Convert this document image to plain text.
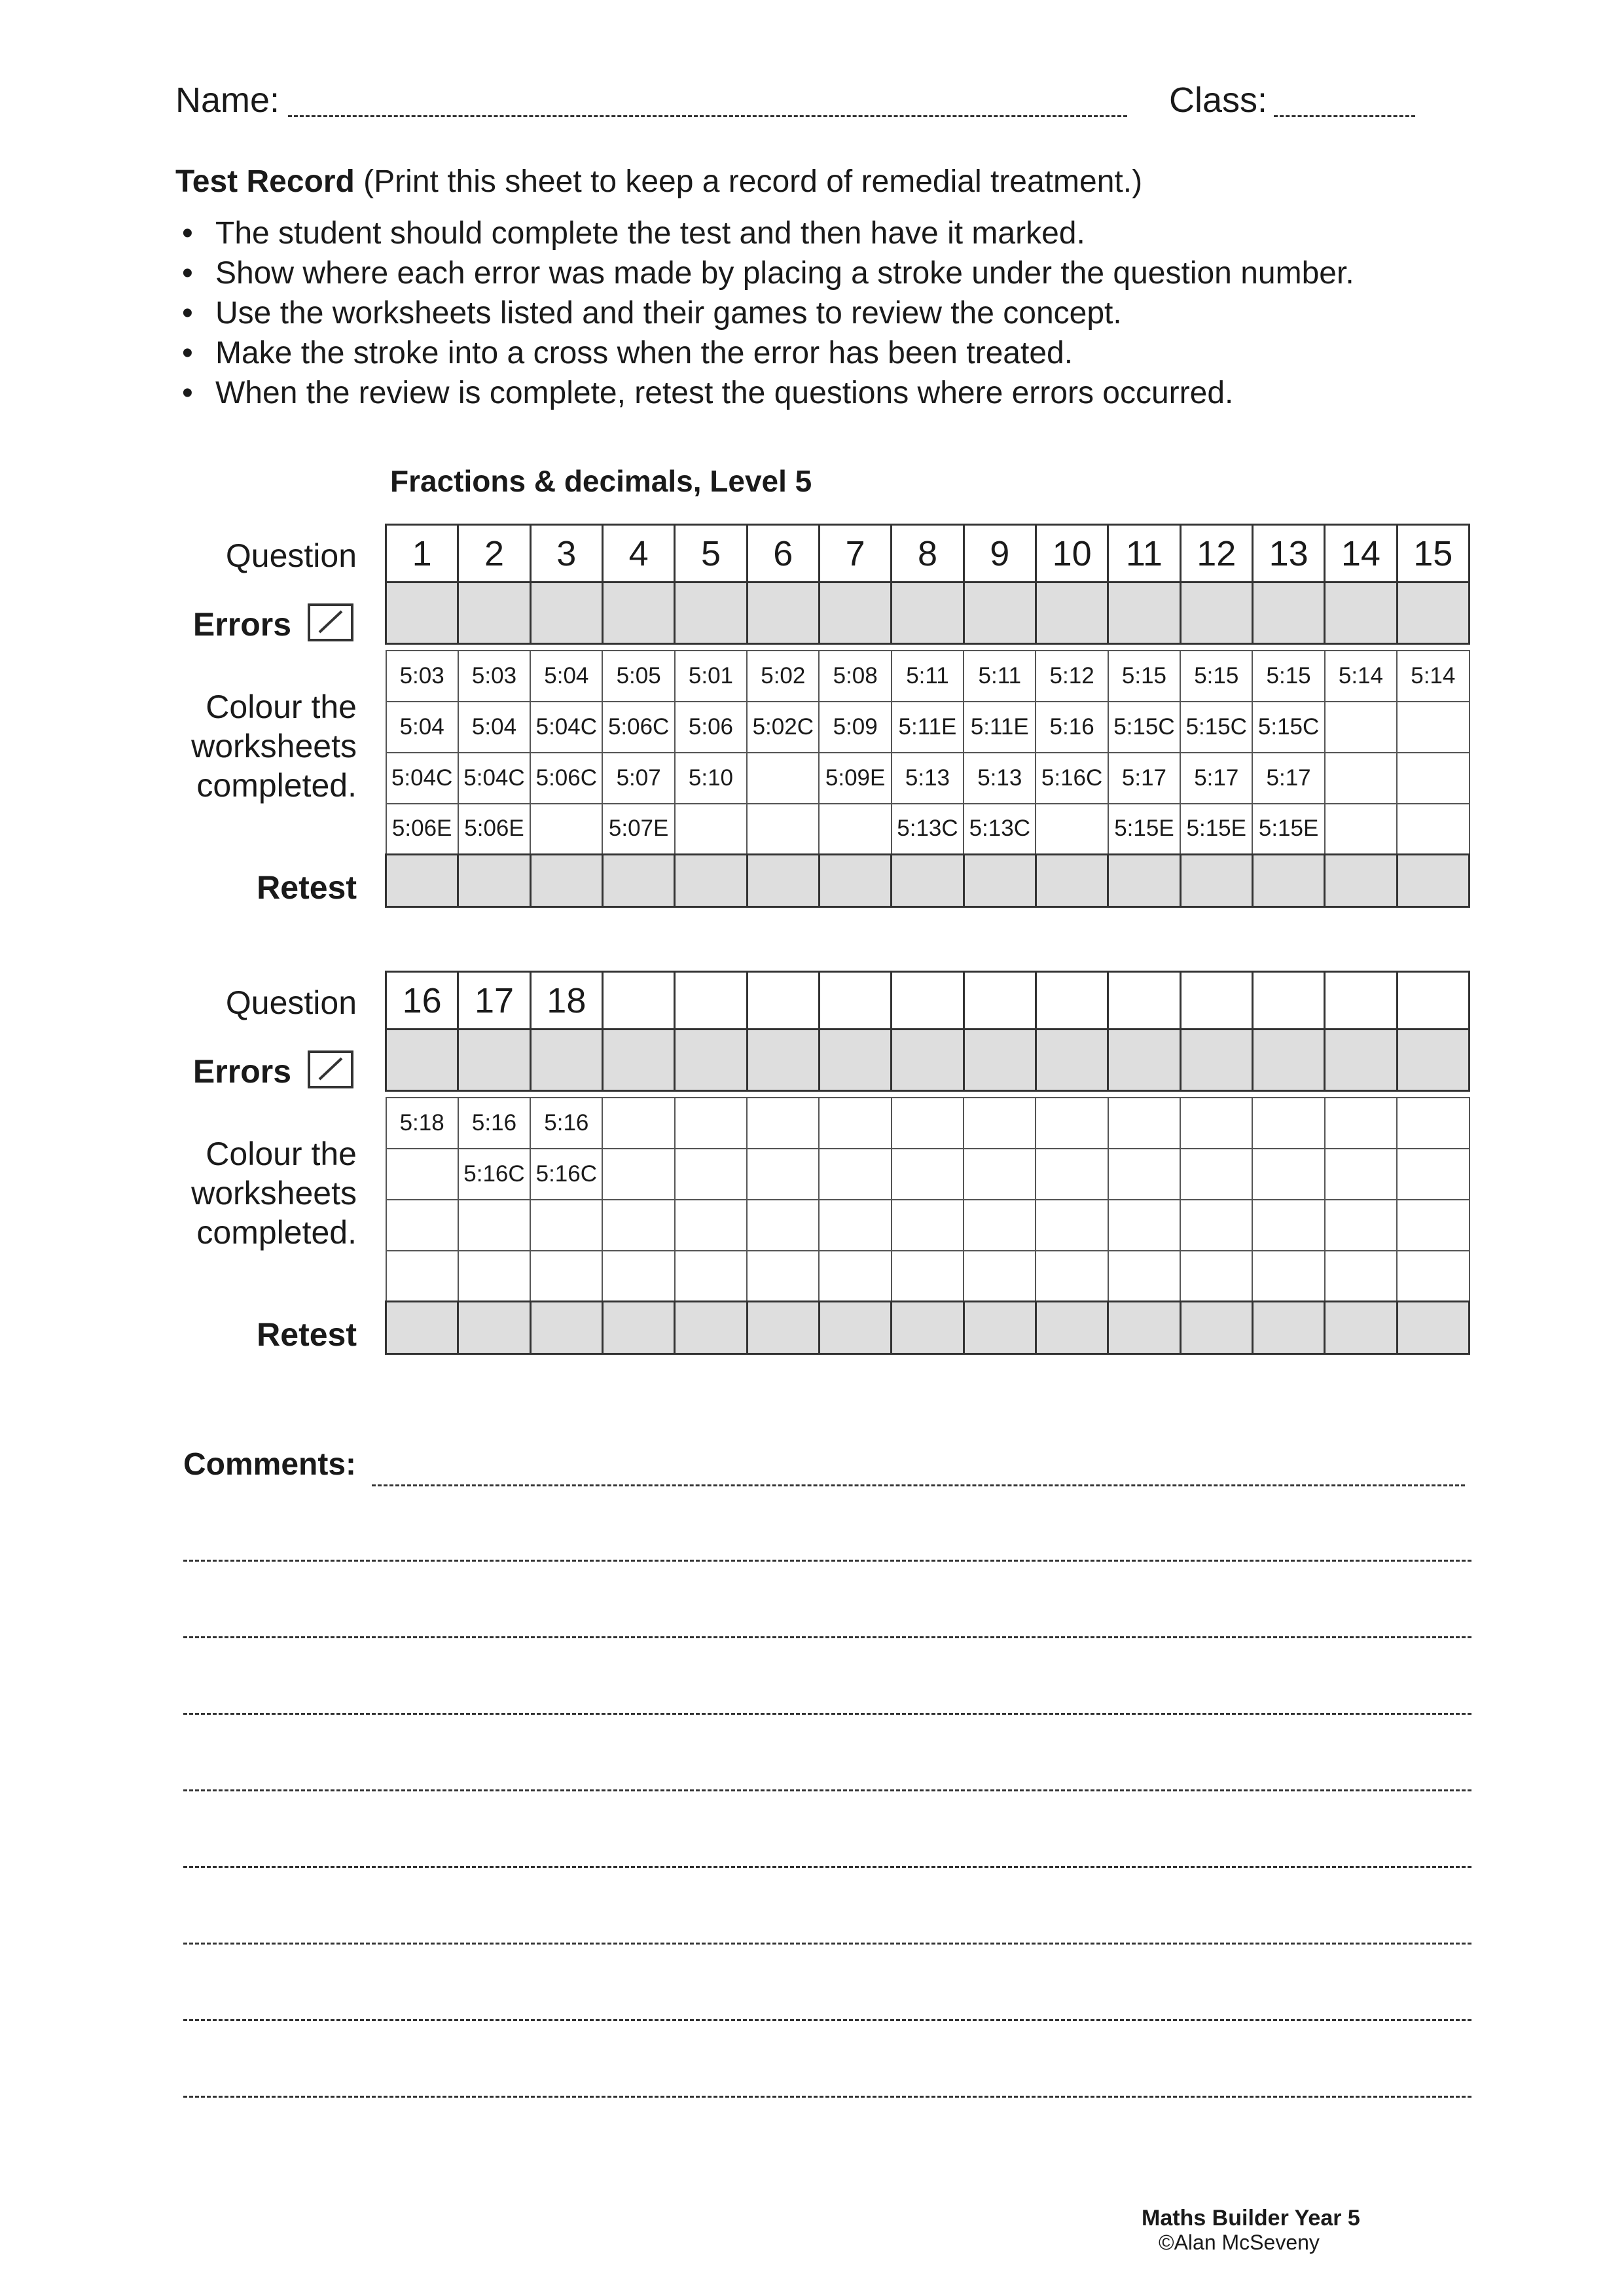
Name:	Class:
Test Record (Print this sheet to keep a record of remedial treatment.)
• The student should complete the test and then have it marked.
• Show where each error was made by placing a stroke under the question number.
• Use the worksheets listed and their games to review the concept.
• Make the stroke into a cross when the error has been treated.
• When the review is complete, retest the questions where errors occurred.
Fractions & decimals, Level 5
Question
Errors
Colour the
worksheets
completed.
Retest
1	2	3	4	5	6	7	8	9	10	11	12	13	14	15

5:03	5:03	5:04	5:05	5:01	5:02	5:08	5:11	5:11	5:12	5:15	5:15	5:15	5:14	5:14
5:04	5:04	5:04C	5:06C	5:06	5:02C	5:09	5:11E	5:11E	5:16	5:15C	5:15C	5:15C		
5:04C	5:04C	5:06C	5:07	5:10		5:09E	5:13	5:13	5:16C	5:17	5:17	5:17		
5:06E	5:06E		5:07E				5:13C	5:13C		5:15E	5:15E	5:15E		

Question
Errors
Colour the
worksheets
completed.
Retest
16	17	18												

5:18	5:16	5:16												
	5:16C	5:16C												

Comments:
Maths Builder Year 5
©Alan McSeveny
